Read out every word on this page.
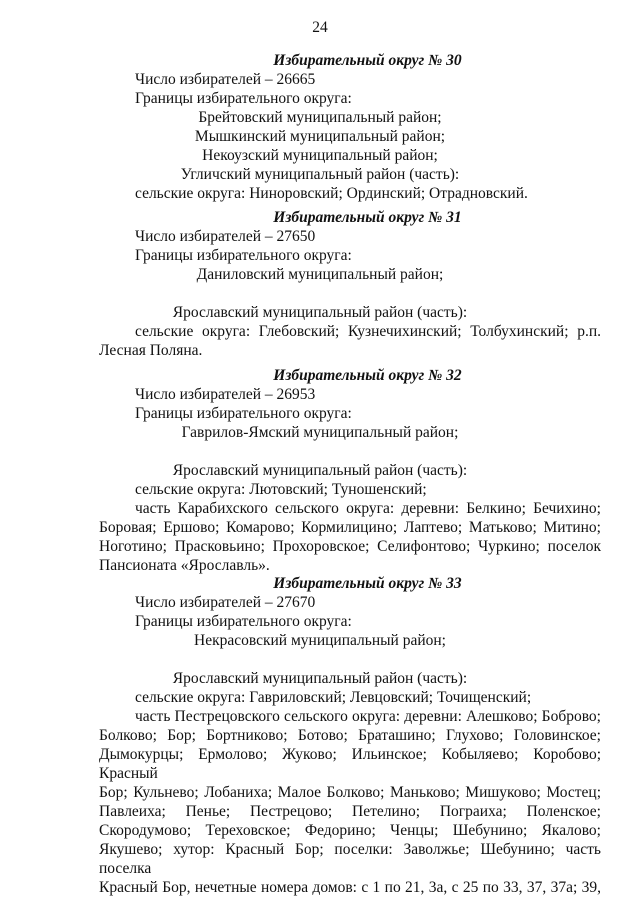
24
Избирательный округ № 30
Число избирателей – 26665
Границы избирательного округа:
Брейтовский муниципальный район;
Мышкинский муниципальный район;
Некоузский муниципальный район;
Угличский муниципальный район (часть):
сельские округа: Ниноровский; Ординский; Отрадновский.
Избирательный округ № 31
Число избирателей – 27650
Границы избирательного округа:
Даниловский муниципальный район;
Ярославский муниципальный район (часть):
сельские округа: Глебовский; Кузнечихинский; Толбухинский; р.п.
Лесная Поляна.
Избирательный округ № 32
Число избирателей – 26953
Границы избирательного округа:
Гаврилов-Ямский муниципальный район;
Ярославский муниципальный район (часть):
сельские округа: Лютовский; Туношенский;
часть Карабихского сельского округа: деревни: Белкино; Бечихино;
Боровая; Ершово; Комарово; Кормилицино; Лаптево; Матьково; Митино;
Ноготино; Прасковьино; Прохоровское; Селифонтово; Чуркино; поселок
Пансионата «Ярославль».
Избирательный округ № 33
Число избирателей – 27670
Границы избирательного округа:
Некрасовский муниципальный район;
Ярославский муниципальный район (часть):
сельские округа: Гавриловский; Левцовский; Точищенский;
часть Пестрецовского сельского округа: деревни: Алешково; Боброво;
Болково; Бор; Бортниково; Ботово; Браташино; Глухово; Головинское;
Дымокурцы; Ермолово; Жуково; Ильинское; Кобыляево; Коробово; Красный
Бор; Кульнево; Лобаниха; Малое Болково; Маньково; Мишуково; Мостец;
Павлеиха; Пенье; Пестрецово; Петелино; Пограиха; Поленское;
Скородумово; Тереховское; Федорино; Ченцы; Шебунино; Якалово;
Якушево; хутор: Красный Бор; поселки: Заволжье; Шебунино; часть поселка
Красный Бор, нечетные номера домов: с 1 по 21, 3а, с 25 по 33, 37, 37а; 39,
